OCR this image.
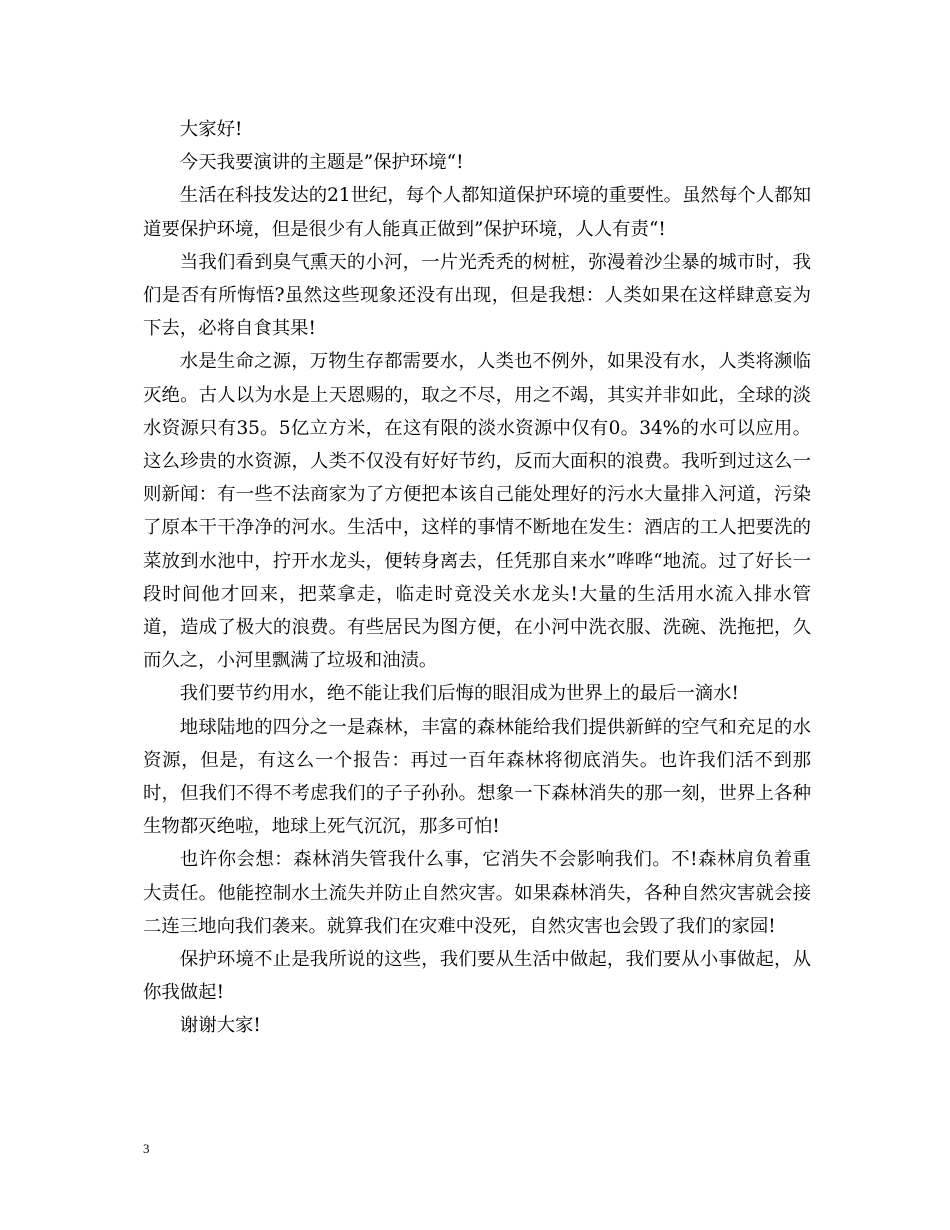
大家好!

今天我要演讲的主题是”保护环境“!

生活在科技发达的21世纪，每个人都知道保护环境的重要性。虽然每个人都知道要保护环境，但是很少有人能真正做到”保护环境，人人有责“!

当我们看到臭气熏天的小河，一片光秃秃的树桩，弥漫着沙尘暴的城市时，我们是否有所悔悟?虽然这些现象还没有出现，但是我想：人类如果在这样肆意妄为下去，必将自食其果!

水是生命之源，万物生存都需要水，人类也不例外，如果没有水，人类将濒临灭绝。古人以为水是上天恩赐的，取之不尽，用之不竭，其实并非如此，全球的淡水资源只有35。5亿立方米，在这有限的淡水资源中仅有0。34%的水可以应用。这么珍贵的水资源，人类不仅没有好好节约，反而大面积的浪费。我听到过这么一则新闻：有一些不法商家为了方便把本该自己能处理好的污水大量排入河道，污染了原本干干净净的河水。生活中，这样的事情不断地在发生：酒店的工人把要洗的菜放到水池中，拧开水龙头，便转身离去，任凭那自来水”哗哗“地流。过了好长一段时间他才回来，把菜拿走，临走时竟没关水龙头!大量的生活用水流入排水管道，造成了极大的浪费。有些居民为图方便，在小河中洗衣服、洗碗、洗拖把，久而久之，小河里飘满了垃圾和油渍。

我们要节约用水，绝不能让我们后悔的眼泪成为世界上的最后一滴水!

地球陆地的四分之一是森林，丰富的森林能给我们提供新鲜的空气和充足的水资源，但是，有这么一个报告：再过一百年森林将彻底消失。也许我们活不到那时，但我们不得不考虑我们的子子孙孙。想象一下森林消失的那一刻，世界上各种生物都灭绝啦，地球上死气沉沉，那多可怕!

也许你会想：森林消失管我什么事，它消失不会影响我们。不!森林肩负着重大责任。他能控制水土流失并防止自然灾害。如果森林消失，各种自然灾害就会接二连三地向我们袭来。就算我们在灾难中没死，自然灾害也会毁了我们的家园!

保护环境不止是我所说的这些，我们要从生活中做起，我们要从小事做起，从你我做起!

谢谢大家!

3
